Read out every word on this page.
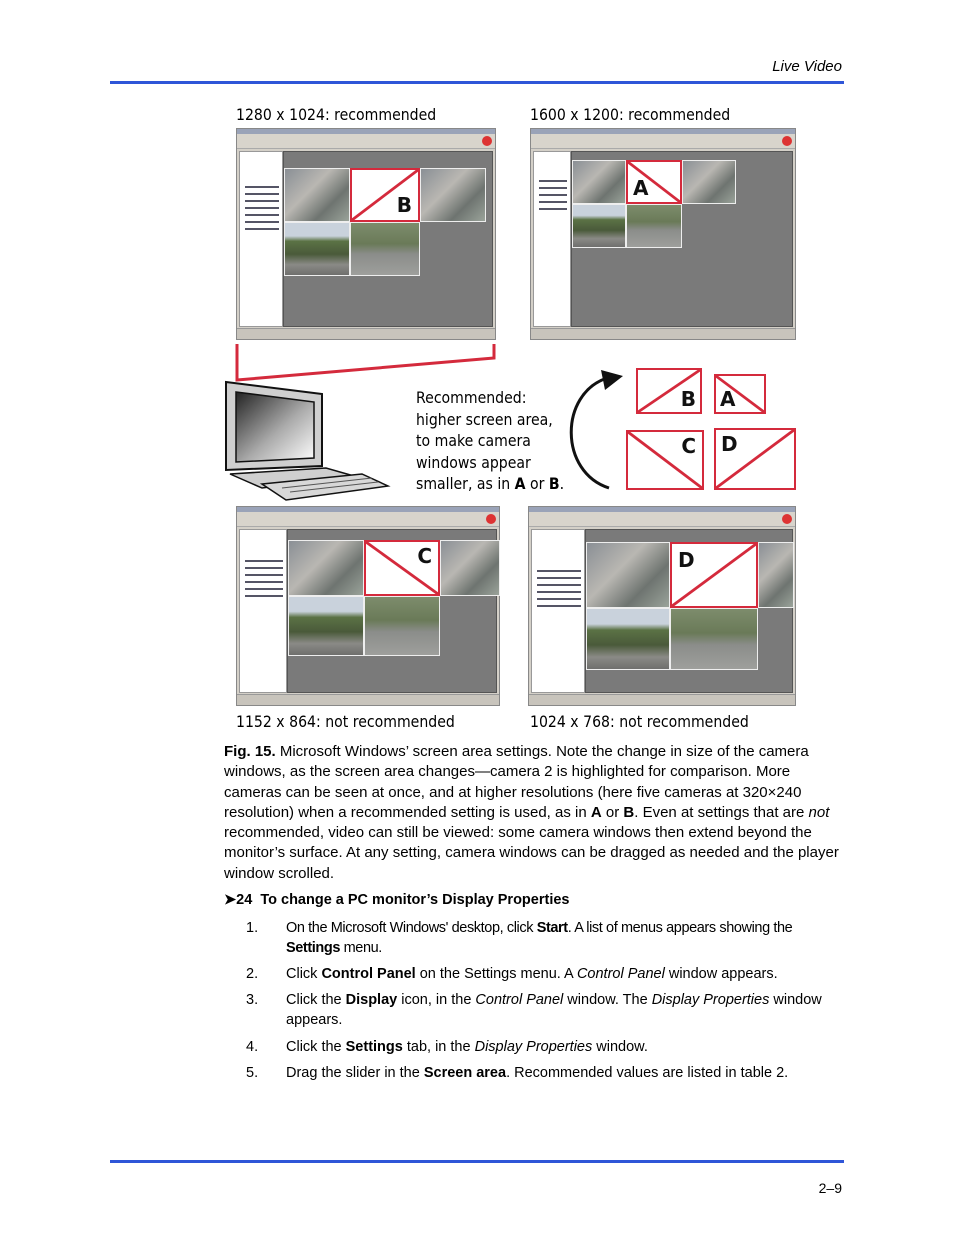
Live Video
1280 x 1024: recommended	1600 x 1200: recommended
B
A
Recommended:
higher screen area,
to make camera
windows appear
smaller, as in A or B.
B A
C D
C	D
1152 x 864: not recommended	1024 x 768: not recommended
Fig. 15. Microsoft Windows’ screen area settings. Note the change in size of the camera windows, as the screen area changes—camera 2 is highlighted for comparison. More cameras can be seen at once, and at higher resolutions (here five cameras at 320×240 resolution) when a recommended setting is used, as in A or B. Even at settings that are not recommended, video can still be viewed: some camera windows then extend beyond the monitor’s surface. At any setting, camera windows can be dragged as needed and the player window scrolled.
➤24  To change a PC monitor’s Display Properties
1. On the Microsoft Windows' desktop, click Start. A list of menus appears showing the Settings menu.
2. Click Control Panel on the Settings menu. A Control Panel window appears.
3. Click the Display icon, in the Control Panel window. The Display Properties window appears.
4. Click the Settings tab, in the Display Properties window.
5. Drag the slider in the Screen area. Recommended values are listed in table 2.
2–9
